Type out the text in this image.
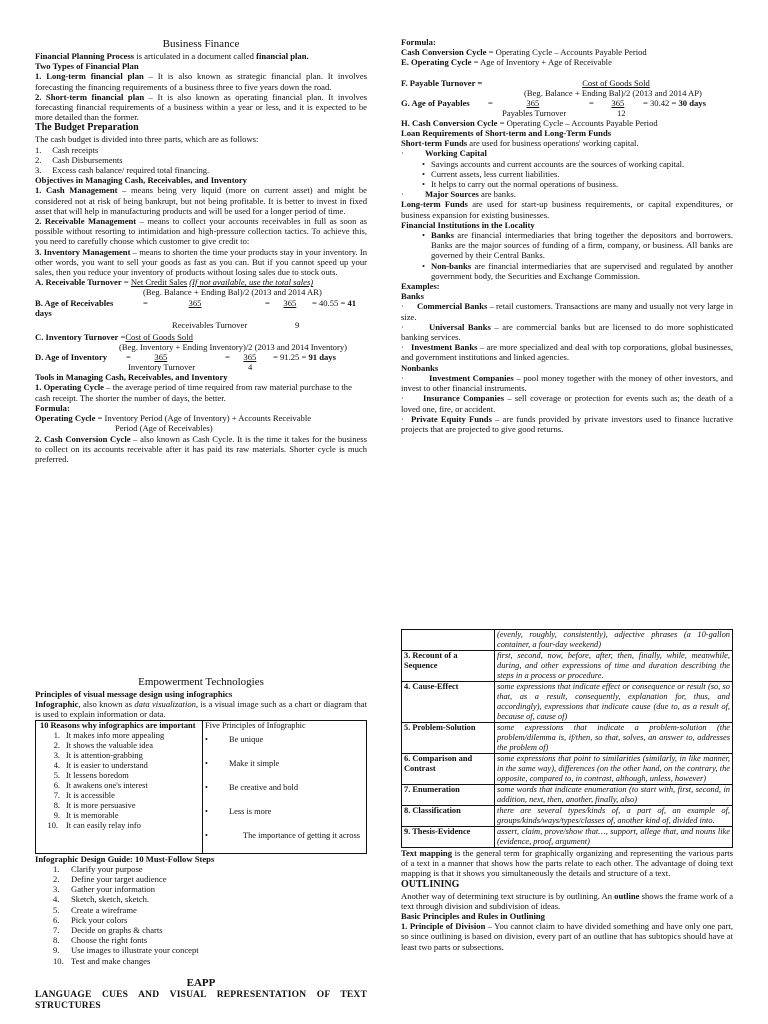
Business Finance
Financial Planning Process is articulated in a document called financial plan.
Two Types of Financial Plan
1. Long-term financial plan – It is also known as strategic financial plan. It involves forecasting the financing requirements of a business three to five years down the road.
2. Short-term financial plan – It is also known as operating financial plan. It involves forecasting financial requirements of a business within a year or less, and it is expected to be more detailed than the former.
The Budget Preparation
The cash budget is divided into three parts, which are as follows:
1.     Cash receipts
2.     Cash Disbursements
3.     Excess cash balance/ required total financing.
Objectives in Managing Cash, Receivables, and Inventory
1. Cash Management – means being very liquid (more on current asset) and might be considered not at risk of being bankrupt, but not being profitable. It is better to invest in fixed asset that will help in manufacturing products and will be used for a longer period of time.
2. Receivable Management – means to collect your accounts receivables in full as soon as possible without resorting to intimidation and high-pressure collection tactics. To achieve this, you need to carefully choose which customer to give credit to:
3. Inventory Management – means to shorten the time your products stay in your inventory. In other words, you want to sell your goods as fast as you can. But if you cannot speed up your sales, then you reduce your inventory of products without losing sales due to stock outs.
A. Receivable Turnover = Net Credit Sales (If not available, use the total sales)
(Beg. Balance + Ending Bal)/2 (2013 and 2014 AR)
B. Age of Receivables	=	365	= 365	= 40.55 = 41
days
Receivables Turnover	9
C. Inventory Turnover =Cost of Goods Sold
(Beg. Inventory + Ending Inventory)/2 (2013 and 2014 Inventory)
D. Age of Inventory =	365	= 365	= 91.25 = 91 days
Inventory Turnover	4
Tools in Managing Cash, Receivables, and Inventory
1. Operating Cycle – the average period of time required from raw material purchase to the cash receipt. The shorter the number of days, the better.
Formula:
Operating Cycle = Inventory Period (Age of Inventory) + Accounts Receivable
Period (Age of Receivables)
2. Cash Conversion Cycle – also known as Cash Cycle. It is the time it takes for the business to collect on its accounts receivable after it has paid its raw materials. Shorter cycle is much preferred.
Formula:
Cash Conversion Cycle = Operating Cycle – Accounts Payable Period
E. Operating Cycle = Age of Inventory + Age of Receivable
F. Payable Turnover =	Cost of Goods Sold
(Beg. Balance + Ending Bal)/2 (2013 and 2014 AP)
G. Age of Payables =	365	= 365	= 30.42 = 30 days
Payables Turnover	12
H. Cash Conversion Cycle = Operating Cycle – Accounts Payable Period
Loan Requirements of Short-term and Long-Term Funds
Short-term Funds are used for business operations' working capital.
· Working Capital
• Savings accounts and current accounts are the sources of working capital.
• Current assets, less current liabilities.
• It helps to carry out the normal operations of business.
· Major Sources are banks.
Long-term Funds are used for start-up business requirements, or capital expenditures, or business expansion for existing businesses.
Financial Institutions in the Locality
• Banks are financial intermediaries that bring together the depositors and borrowers. Banks are the major sources of funding of a firm, company, or business. All banks are governed by their Central Banks.
• Non-banks are financial intermediaries that are supervised and regulated by another government body, the Securities and Exchange Commission.
Examples:
Banks
· Commercial Banks – retail customers. Transactions are many and usually not very large in size.
· Universal Banks – are commercial banks but are licensed to do more sophisticated banking services.
· Investment Banks – are more specialized and deal with top corporations, global businesses, and government institutions and linked agencies.
Nonbanks
· Investment Companies – pool money together with the money of other investors, and invest to other financial instruments.
· Insurance Companies – sell coverage or protection for events such as; the death of a loved one, fire, or accident.
· Private Equity Funds – are funds provided by private investors used to finance lucrative projects that are projected to give good returns.
Empowerment Technologies
Principles of visual message design using infographics
Infographic, also known as data visualization, is a visual image such as a chart or diagram that is used to explain information or data.
10 Reasons why infographics are important
1. It makes info more appealing
2. It shows the valuable idea
3. It is attention-grabbing
4. It is easier to understand
5. It lessens boredom
6. It awakens one's interest
7. It is accessible
8. It is more persuasive
9. It is memorable
10. It can easily relay info

Five Principles of Infographic
•	Be unique
•	Make it simple
•	Be creative and bold
•	Less is more
•	The importance of getting it across
Infographic Design Guide: 10 Must-Follow Steps
1. Clarify your purpose
2. Define your target audience
3. Gather your information
4. Sketch, sketch, sketch.
5. Create a wireframe
6. Pick your colors
7. Decide on graphs & charts
8. Choose the right fonts
9. Use images to illustrate your concept
10. Test and make changes
EAPP
LANGUAGE CUES AND VISUAL REPRESENTATION OF TEXT STRUCTURES
	(evenly, roughly, consistently), adjective phrases (a 10-gallon container, a four-day weekend)
3. Recount of a Sequence	first, second, now, before, after, then, finally, while, meanwhile, during, and other expressions of time and duration describing the steps in a process or procedure.
4. Cause-Effect	some expressions that indicate effect or consequence or result (so, so that, as a result, consequently, explanation for, thus, and accordingly), expressions that indicate cause (due to, as a result of, because of, cause of)
5. Problem-Solution	some expressions that indicate a problem-solution (the problem/dilemma is, if/then, so that, solves, an answer to, addresses the problem of)
6. Comparison and Contrast	some expressions that point to similarities (similarly, in like manner, in the same way), differences (on the other hand, on the contrary, the opposite, compared to, in contrast, although, unless, however)
7. Enumeration	some words that indicate enumeration (to start with, first, second, in addition, next, then, another, finally, also)
8. Classification	there are several types/kinds of, a part of, an example of, groups/kinds/ways/types/classes of, another kind of, divided into.
9. Thesis-Evidence	assert, claim, prove/show that…, support, allege that, and nouns like (evidence, proof, argument)
Text mapping is the general term for graphically organizing and representing the various parts of a text in a manner that shows how the parts relate to each other. The advantage of doing text mapping is that it shows you simultaneously the details and structure of a text.
OUTLINING
Another way of determining text structure is by outlining. An outline shows the frame work of a text through division and subdivision of ideas.
Basic Principles and Rules in Outlining
1. Principle of Division – You cannot claim to have divided something and have only one part, so since outlining is based on division, every part of an outline that has subtopics should have at least two parts or subsections.
